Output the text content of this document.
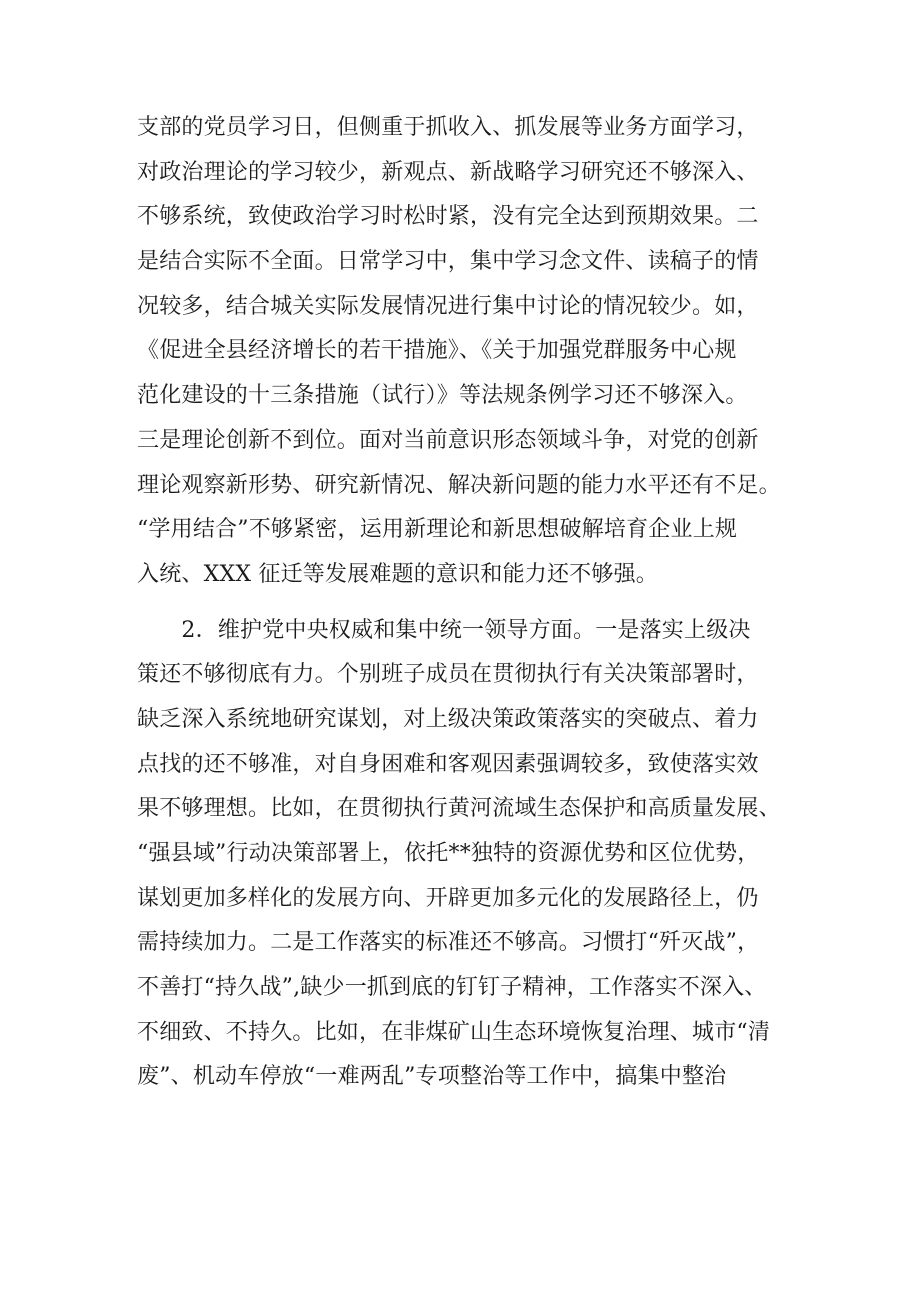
支部的党员学习日，但侧重于抓收入、抓发展等业务方面学习，
对政治理论的学习较少，新观点、新战略学习研究还不够深入、
不够系统，致使政治学习时松时紧，没有完全达到预期效果。二
是结合实际不全面。日常学习中，集中学习念文件、读稿子的情
况较多，结合城关实际发展情况进行集中讨论的情况较少。如，
《促进全县经济增长的若干措施》、《关于加强党群服务中心规
范化建设的十三条措施（试行）》等法规条例学习还不够深入。
三是理论创新不到位。面对当前意识形态领域斗争，对党的创新
理论观察新形势、研究新情况、解决新问题的能力水平还有不足。
“学用结合”不够紧密，运用新理论和新思想破解培育企业上规
入统、XXX 征迁等发展难题的意识和能力还不够强。
　　2．维护党中央权威和集中统一领导方面。一是落实上级决
策还不够彻底有力。个别班子成员在贯彻执行有关决策部署时，
缺乏深入系统地研究谋划，对上级决策政策落实的突破点、着力
点找的还不够准，对自身困难和客观因素强调较多，致使落实效
果不够理想。比如，在贯彻执行黄河流域生态保护和高质量发展、
“强县域”行动决策部署上，依托**独特的资源优势和区位优势，
谋划更加多样化的发展方向、开辟更加多元化的发展路径上，仍
需持续加力。二是工作落实的标准还不够高。习惯打“歼灭战”，
不善打“持久战”,缺少一抓到底的钉钉子精神，工作落实不深入、
不细致、不持久。比如，在非煤矿山生态环境恢复治理、城市“清
废”、机动车停放“一难两乱”专项整治等工作中，搞集中整治
